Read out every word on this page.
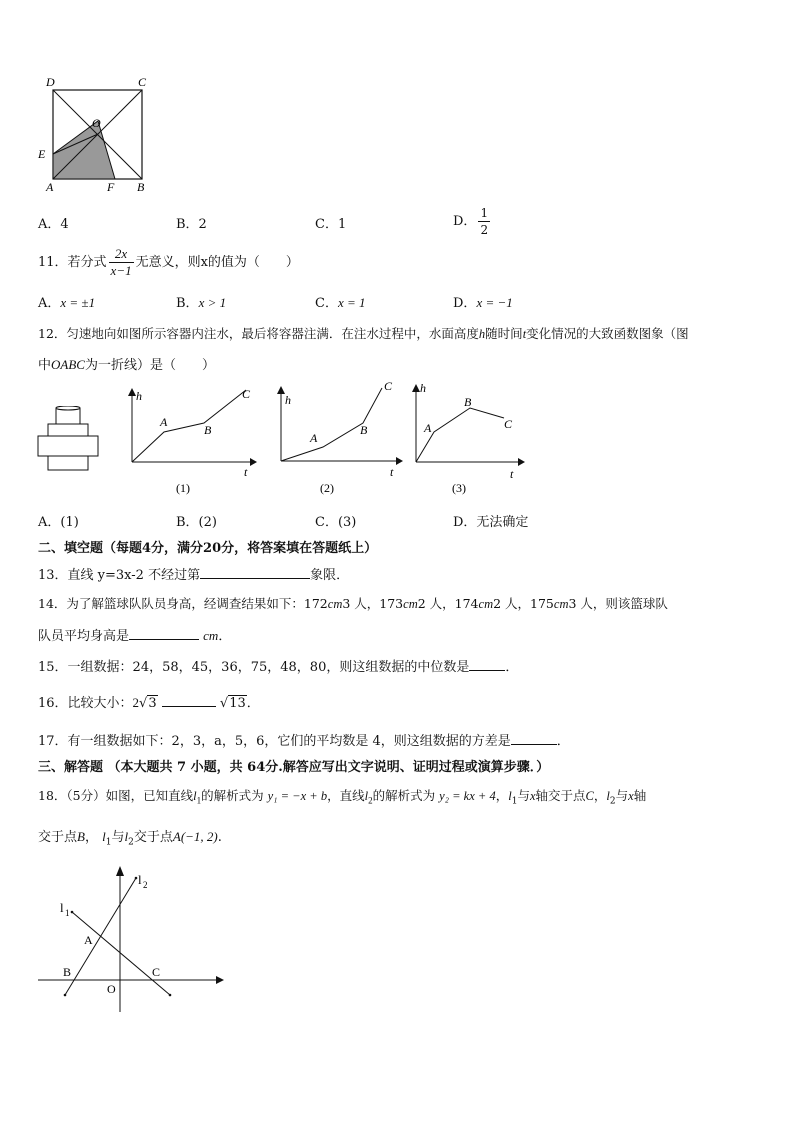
D	C
O
E
A	F B
A．4	B．2	C．1	D． $\frac{1}{2}$
11．若分式 $\frac{2x}{x-1}$ 无意义，则x的值为（　　）
A．x = ±1	B．x > 1	C．x = 1	D．x = −1
12．匀速地向如图所示容器内注水，最后将容器注满．在注水过程中，水面高度h随时间t变化情况的大致函数图象（图
中OABC为一折线）是（　　）
h
t
A
B
C
(1)
h
t
A
B
C
(2)
h
t
A
B
C
(3)
A．(1)	B．(2)	C．(3)	D．无法确定
二、填空题（每题4分，满分20分，将答案填在答题纸上）
13．直线 y=3x-2 不经过第	象限．
14．为了解篮球队队员身高，经调查结果如下：172cm3 人，173cm2 人，174cm2 人，175cm3 人，则该篮球队
队员平均身高是	cm．
15．一组数据：24，58，45，36，75，48，80，则这组数据的中位数是	．
16．比较大小：2√3	√13．
17．有一组数据如下：2，3，a，5，6，它们的平均数是 4，则这组数据的方差是	．
三、解答题 （本大题共 7 小题，共 64分.解答应写出文字说明、证明过程或演算步骤．）
18．（5分）如图，已知直线$l_1$的解析式为 y₁ = −x + b，直线$l_2$的解析式为 y₂ = kx + 4，$l_1$与x轴交于点C，$l_2$与x轴
交于点B， $l_1$与$l_2$交于点A(−1, 2).
l 2
l 1
A
B
O
C
